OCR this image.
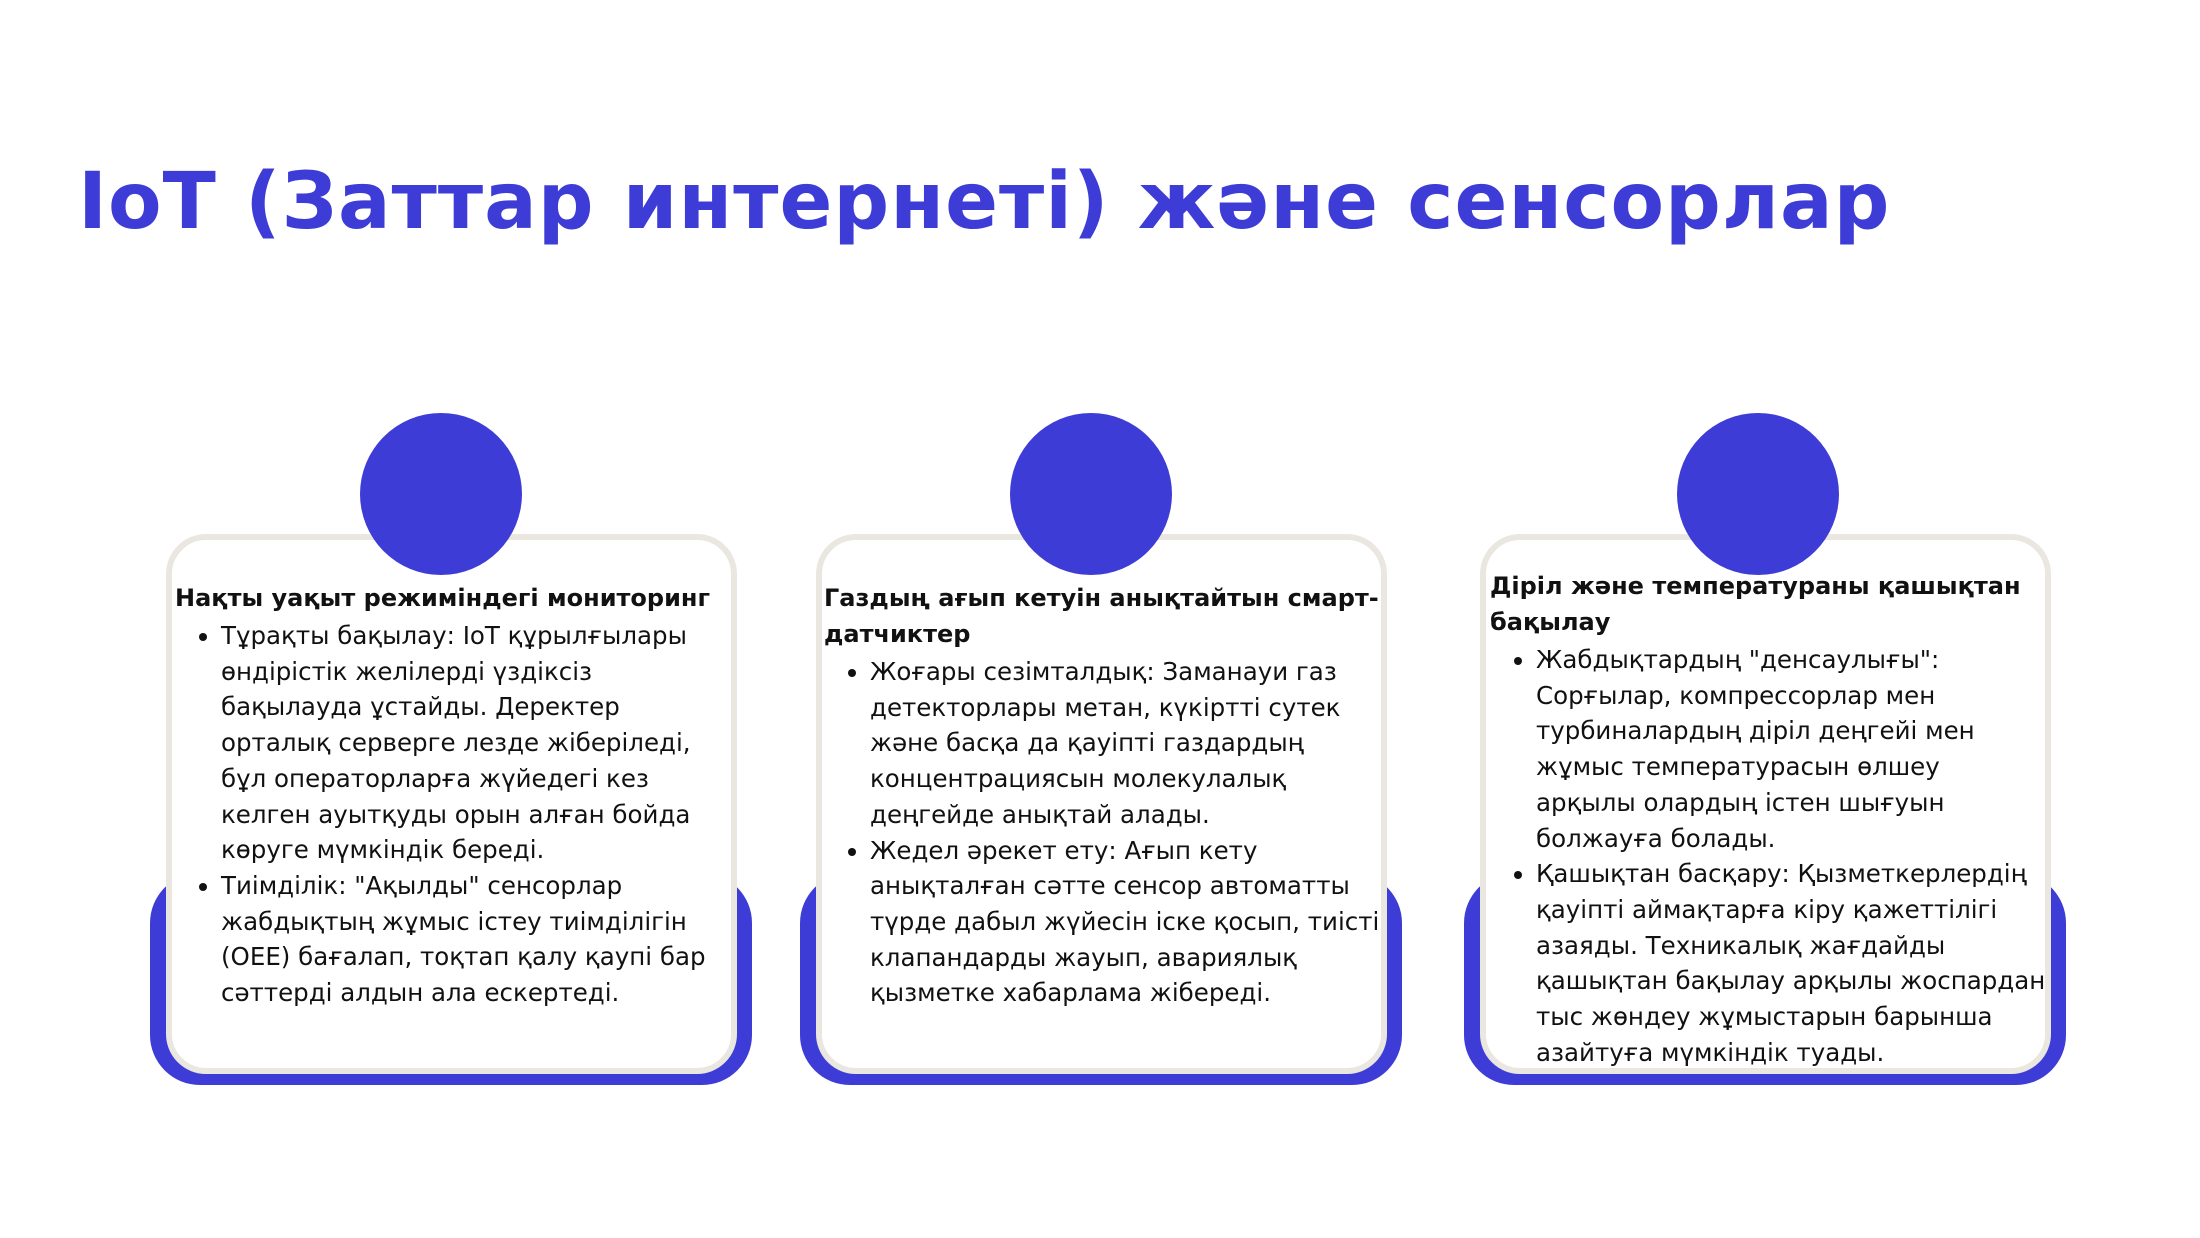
IoT (Заттар интернеті) және сенсорлар
Нақты уақыт режиміндегі мониторинг
• Тұрақты бақылау: IoT құрылғылары өндірістік желілерді үздіксіз бақылауда ұстайды. Деректер орталық серверге лезде жіберіледі, бұл операторларға жүйедегі кез келген ауытқуды орын алған бойда көруге мүмкіндік береді.
• Тиімділік: "Ақылды" сенсорлар жабдықтың жұмыс істеу тиімділігін (OEE) бағалап, тоқтап қалу қаупі бар сәттерді алдын ала ескертеді.
Газдың ағып кетуін анықтайтын смарт-датчиктер
• Жоғары сезімталдық: Заманауи газ детекторлары метан, күкіртті сутек және басқа да қауіпті газдардың концентрациясын молекулалық деңгейде анықтай алады.
• Жедел әрекет ету: Ағып кету анықталған сәтте сенсор автоматты түрде дабыл жүйесін іске қосып, тиісті клапандарды жауып, авариялық қызметке хабарлама жібереді.
Діріл және температураны қашықтан бақылау
• Жабдықтардың "денсаулығы": Сорғылар, компрессорлар мен турбиналардың діріл деңгейі мен жұмыс температурасын өлшеу арқылы олардың істен шығуын болжауға болады.
• Қашықтан басқару: Қызметкерлердің қауіпті аймақтарға кіру қажеттілігі азаяды. Техникалық жағдайды қашықтан бақылау арқылы жоспардан тыс жөндеу жұмыстарын барынша азайтуға мүмкіндік туады.
